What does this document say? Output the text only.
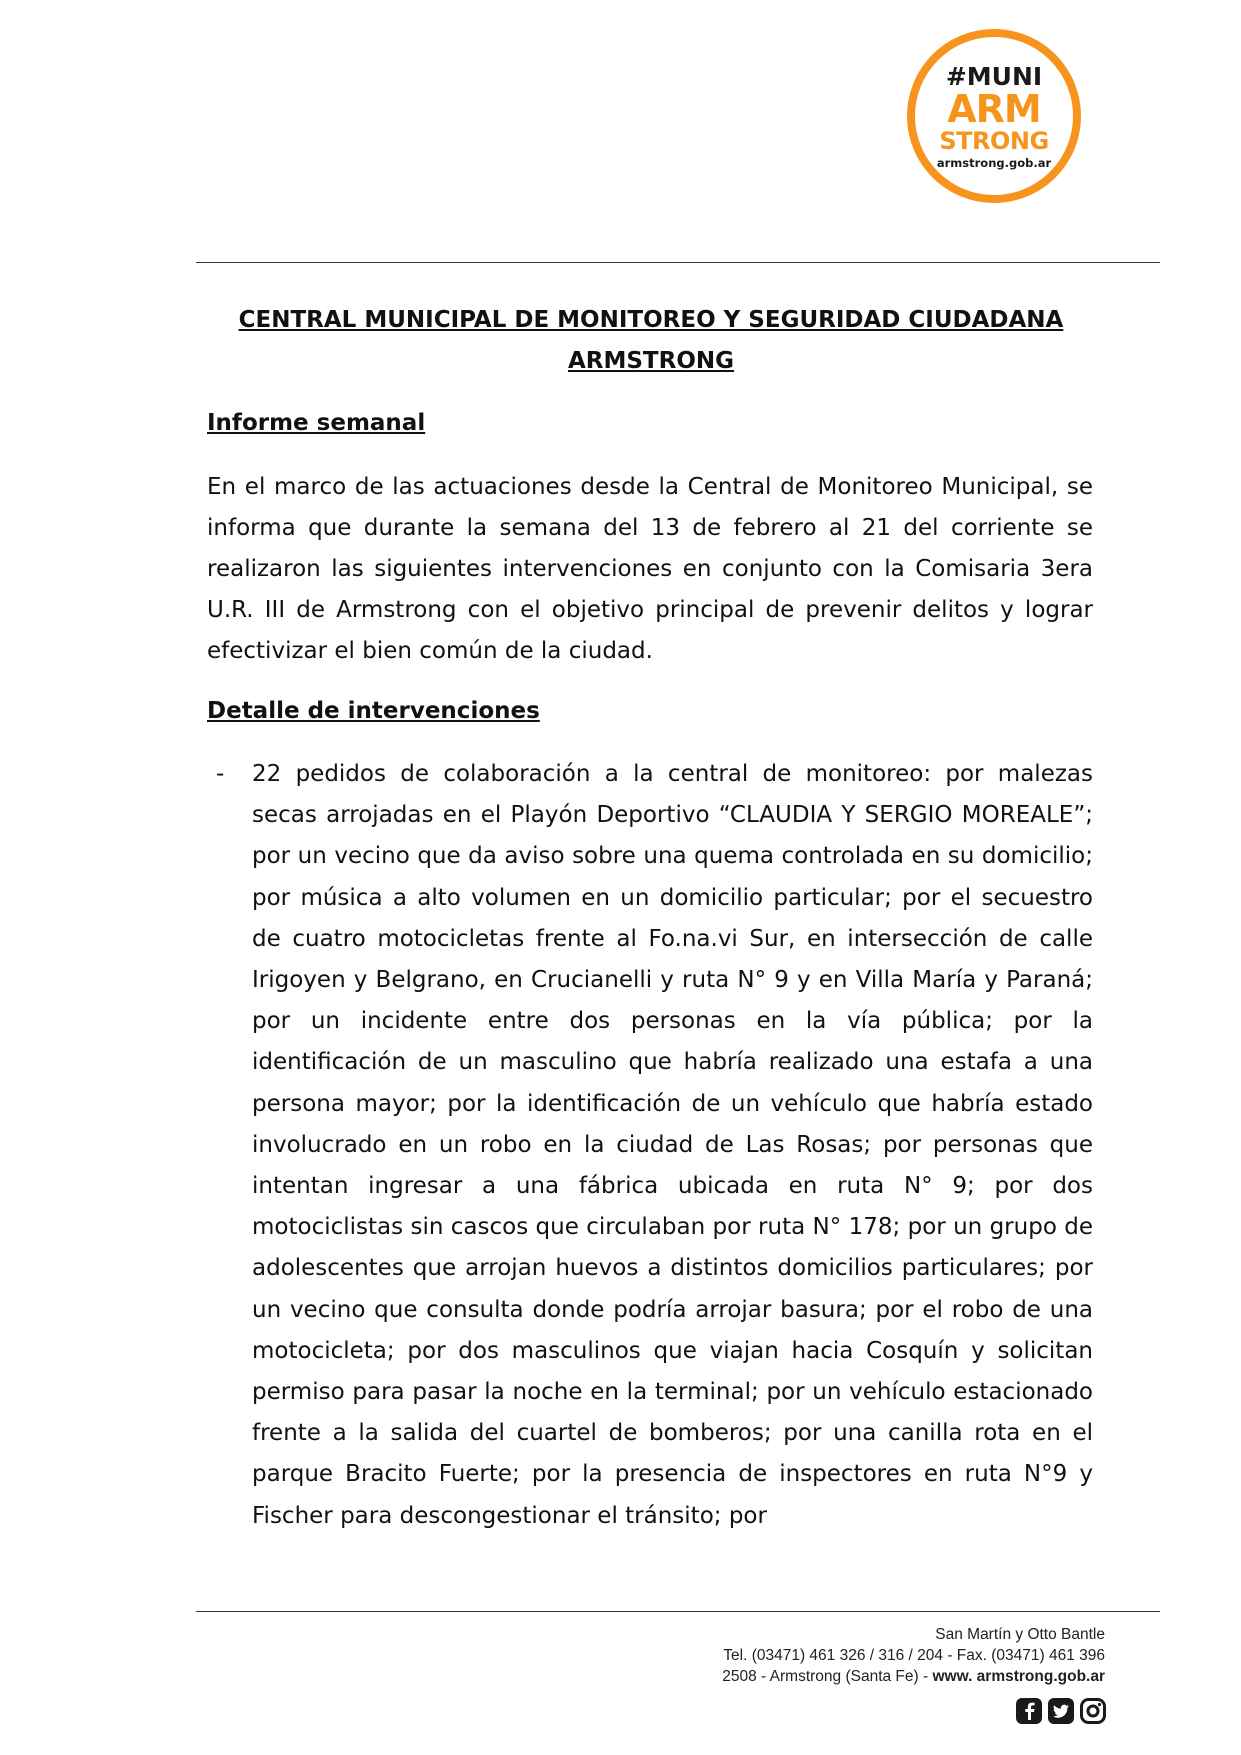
#MUNI
ARM
STRONG
armstrong.gob.ar
CENTRAL MUNICIPAL DE MONITOREO Y SEGURIDAD CIUDADANA
ARMSTRONG
Informe semanal

En el marco de las actuaciones desde la Central de Monitoreo Municipal, se informa que durante la semana del 13 de febrero al 21 del corriente se realizaron las siguientes intervenciones en conjunto con la Comisaria 3era U.R. III de Armstrong con el objetivo principal de prevenir delitos y lograr efectivizar el bien común de la ciudad.

Detalle de intervenciones
- 22 pedidos de colaboración a la central de monitoreo: por malezas secas arrojadas en el Playón Deportivo “CLAUDIA Y SERGIO MOREALE”; por un vecino que da aviso sobre una quema controlada en su domicilio; por música a alto volumen en un domicilio particular; por el secuestro de cuatro motocicletas frente al Fo.na.vi Sur, en intersección de calle Irigoyen y Belgrano, en Crucianelli y ruta N° 9 y en Villa María y Paraná; por un incidente entre dos personas en la vía pública; por la identificación de un masculino que habría realizado una estafa a una persona mayor; por la identificación de un vehículo que habría estado involucrado en un robo en la ciudad de Las Rosas; por personas que intentan ingresar a una fábrica ubicada en ruta N° 9; por dos motociclistas sin cascos que circulaban por ruta N° 178; por un grupo de adolescentes que arrojan huevos a distintos domicilios particulares; por un vecino que consulta donde podría arrojar basura; por el robo de una motocicleta; por dos masculinos que viajan hacia Cosquín y solicitan permiso para pasar la noche en la terminal; por un vehículo estacionado frente a la salida del cuartel de bomberos; por una canilla rota en el parque Bracito Fuerte; por la presencia de inspectores en ruta N°9 y Fischer para descongestionar el tránsito; por

San Martín y Otto Bantle
Tel. (03471) 461 326 / 316 / 204 - Fax. (03471) 461 396
2508 - Armstrong (Santa Fe) - www. armstrong.gob.ar
